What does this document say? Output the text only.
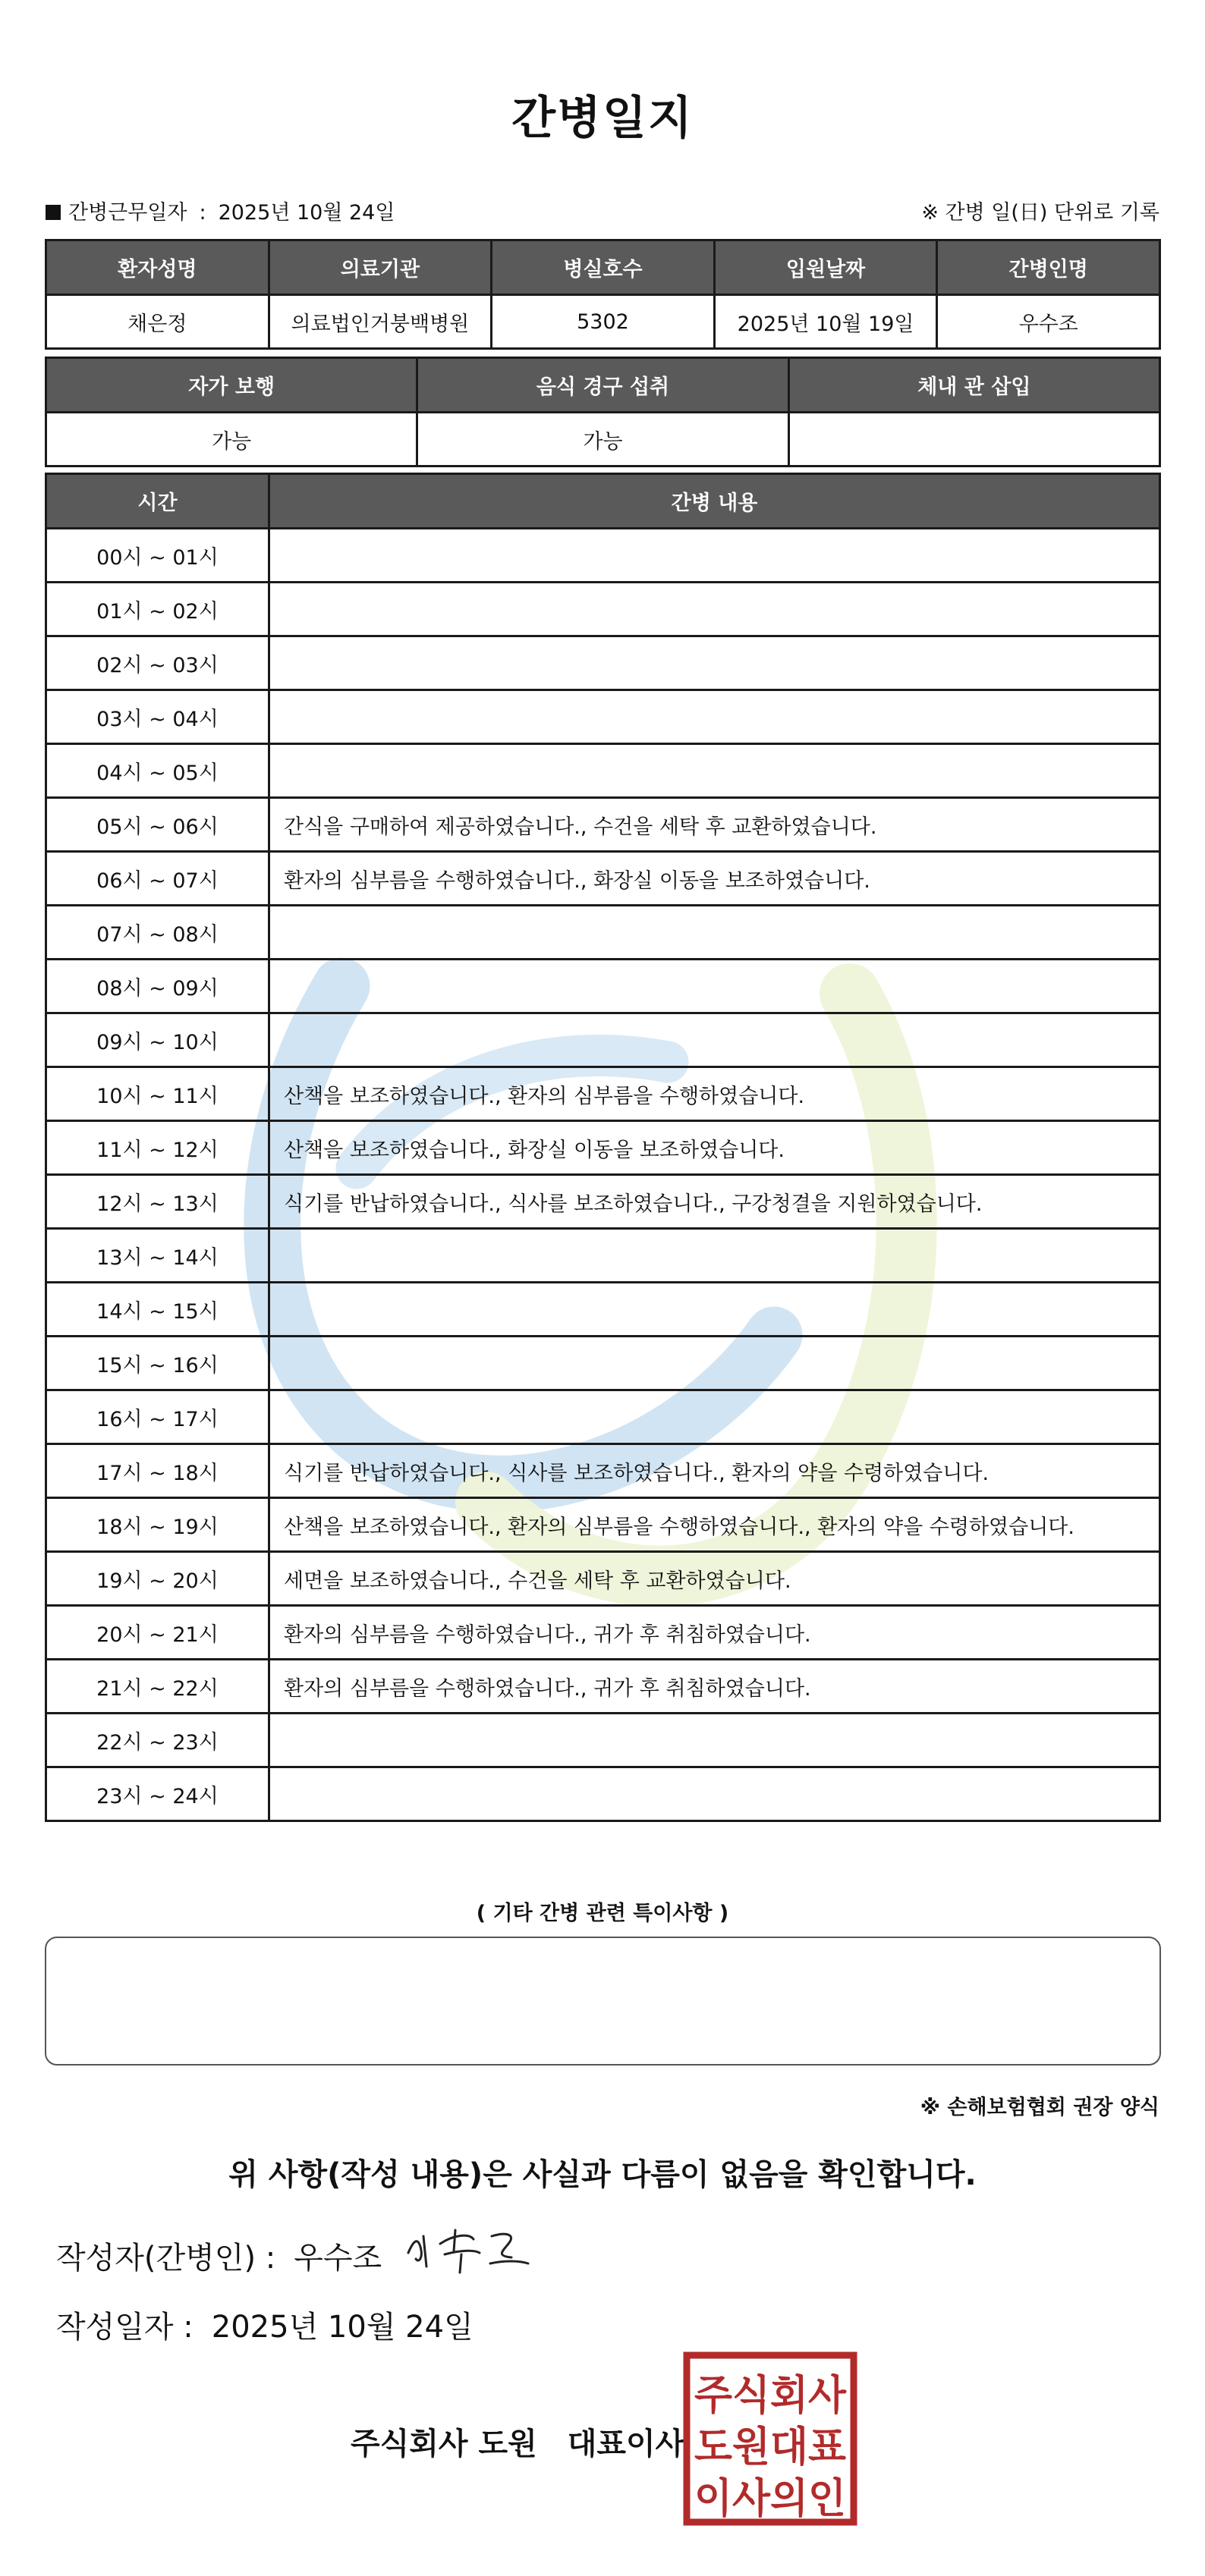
간병일지
간병근무일자 : 2025년 10월 24일	※ 간병 일(日) 단위로 기록
환자성명	의료기관	병실호수	입원날짜	간병인명
채은정	의료법인거붕백병원	5302	2025년 10월 19일	우수조
자가 보행	음식 경구 섭취	체내 관 삽입
가능	가능	
시간	간병 내용
00시 ~ 01시	
01시 ~ 02시	
02시 ~ 03시	
03시 ~ 04시	
04시 ~ 05시	
05시 ~ 06시	간식을 구매하여 제공하였습니다., 수건을 세탁 후 교환하였습니다.
06시 ~ 07시	환자의 심부름을 수행하였습니다., 화장실 이동을 보조하였습니다.
07시 ~ 08시	
08시 ~ 09시	
09시 ~ 10시	
10시 ~ 11시	산책을 보조하였습니다., 환자의 심부름을 수행하였습니다.
11시 ~ 12시	산책을 보조하였습니다., 화장실 이동을 보조하였습니다.
12시 ~ 13시	식기를 반납하였습니다., 식사를 보조하였습니다., 구강청결을 지원하였습니다.
13시 ~ 14시	
14시 ~ 15시	
15시 ~ 16시	
16시 ~ 17시	
17시 ~ 18시	식기를 반납하였습니다., 식사를 보조하였습니다., 환자의 약을 수령하였습니다.
18시 ~ 19시	산책을 보조하였습니다., 환자의 심부름을 수행하였습니다., 환자의 약을 수령하였습니다.
19시 ~ 20시	세면을 보조하였습니다., 수건을 세탁 후 교환하였습니다.
20시 ~ 21시	환자의 심부름을 수행하였습니다., 귀가 후 취침하였습니다.
21시 ~ 22시	환자의 심부름을 수행하였습니다., 귀가 후 취침하였습니다.
22시 ~ 23시	
23시 ~ 24시	
( 기타 간병 관련 특이사항 )
※ 손해보험협회 권장 양식
위 사항(작성 내용)은 사실과 다름이 없음을 확인합니다.
작성자(간병인) : 우수조
작성일자 : 2025년 10월 24일
주식회사 도원 대표이사
주식회사
도원대표
이사의인
